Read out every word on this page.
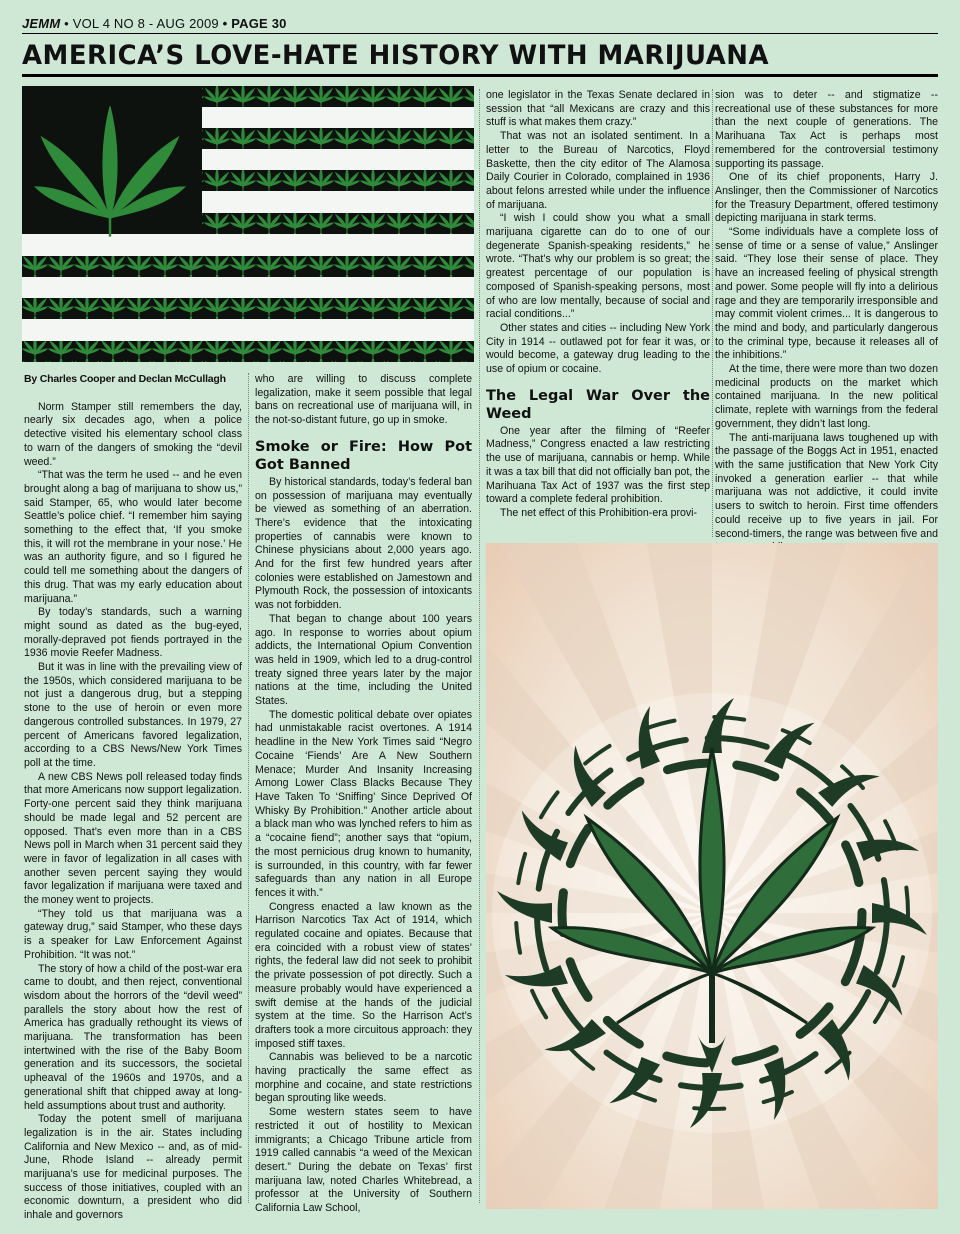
JEMM • VOL 4 NO 8 - AUG 2009 • PAGE 30
AMERICA’S LOVE-HATE HISTORY WITH MARIJUANA
By Charles Cooper and Declan McCullagh

Norm Stamper still remembers the day, nearly six decades ago, when a police detective visited his elementary school class to warn of the dangers of smoking the “devil weed.”

“That was the term he used -- and he even brought along a bag of marijuana to show us,” said Stamper, 65, who would later become Seattle’s police chief. “I remember him saying something to the effect that, ‘If you smoke this, it will rot the membrane in your nose.’ He was an authority figure, and so I figured he could tell me something about the dangers of this drug. That was my early education about marijuana.”

By today’s standards, such a warning might sound as dated as the bug-eyed, morally-depraved pot fiends portrayed in the 1936 movie Reefer Madness.

But it was in line with the prevailing view of the 1950s, which considered marijuana to be not just a dangerous drug, but a stepping stone to the use of heroin or even more dangerous controlled substances. In 1979, 27 percent of Americans favored legalization, according to a CBS News/New York Times poll at the time.

A new CBS News poll released today finds that more Americans now support legalization. Forty-one percent said they think marijuana should be made legal and 52 percent are opposed. That’s even more than in a CBS News poll in March when 31 percent said they were in favor of legalization in all cases with another seven percent saying they would favor legalization if marijuana were taxed and the money went to projects.

“They told us that marijuana was a gateway drug,” said Stamper, who these days is a speaker for Law Enforcement Against Prohibition. “It was not.”

The story of how a child of the post-war era came to doubt, and then reject, conventional wisdom about the horrors of the “devil weed” parallels the story about how the rest of America has gradually rethought its views of marijuana. The transformation has been intertwined with the rise of the Baby Boom generation and its successors, the societal upheaval of the 1960s and 1970s, and a generational shift that chipped away at long-held assumptions about trust and authority.

Today the potent smell of marijuana legalization is in the air. States including California and New Mexico -- and, as of mid-June, Rhode Island -- already permit marijuana’s use for medicinal purposes. The success of those initiatives, coupled with an economic downturn, a president who did inhale and governors

who are willing to discuss complete legalization, make it seem possible that legal bans on recreational use of marijuana will, in the not-so-distant future, go up in smoke.

Smoke or Fire: How Pot Got Banned

By historical standards, today’s federal ban on possession of marijuana may eventually be viewed as something of an aberration. There’s evidence that the intoxicating properties of cannabis were known to Chinese physicians about 2,000 years ago. And for the first few hundred years after colonies were established on Jamestown and Plymouth Rock, the possession of intoxicants was not forbidden.

That began to change about 100 years ago. In response to worries about opium addicts, the International Opium Convention was held in 1909, which led to a drug-control treaty signed three years later by the major nations at the time, including the United States.

The domestic political debate over opiates had unmistakable racist overtones. A 1914 headline in the New York Times said “Negro Cocaine ‘Fiends’ Are A New Southern Menace; Murder And Insanity Increasing Among Lower Class Blacks Because They Have Taken To ‘Sniffing’ Since Deprived Of Whisky By Prohibition.” Another article about a black man who was lynched refers to him as a “cocaine fiend”; another says that “opium, the most pernicious drug known to humanity, is surrounded, in this country, with far fewer safeguards than any nation in all Europe fences it with.”

Congress enacted a law known as the Harrison Narcotics Tax Act of 1914, which regulated cocaine and opiates. Because that era coincided with a robust view of states’ rights, the federal law did not seek to prohibit the private possession of pot directly. Such a measure probably would have experienced a swift demise at the hands of the judicial system at the time. So the Harrison Act’s drafters took a more circuitous approach: they imposed stiff taxes.

Cannabis was believed to be a narcotic having practically the same effect as morphine and cocaine, and state restrictions began sprouting like weeds.

Some western states seem to have restricted it out of hostility to Mexican immigrants; a Chicago Tribune article from 1919 called cannabis “a weed of the Mexican desert.” During the debate on Texas’ first marijuana law, noted Charles Whitebread, a professor at the University of Southern California Law School,

one legislator in the Texas Senate declared in session that “all Mexicans are crazy and this stuff is what makes them crazy.”

That was not an isolated sentiment. In a letter to the Bureau of Narcotics, Floyd Baskette, then the city editor of The Alamosa Daily Courier in Colorado, complained in 1936 about felons arrested while under the influence of marijuana.

“I wish I could show you what a small marijuana cigarette can do to one of our degenerate Spanish-speaking residents,” he wrote. “That’s why our problem is so great; the greatest percentage of our population is composed of Spanish-speaking persons, most of who are low mentally, because of social and racial conditions...”

Other states and cities -- including New York City in 1914 -- outlawed pot for fear it was, or would become, a gateway drug leading to the use of opium or cocaine.

The Legal War Over the Weed

One year after the filming of “Reefer Madness,” Congress enacted a law restricting the use of marijuana, cannabis or hemp. While it was a tax bill that did not officially ban pot, the Marihuana Tax Act of 1937 was the first step toward a complete federal prohibition.

The net effect of this Prohibition-era provi-

sion was to deter -- and stigmatize --recreational use of these substances for more than the next couple of generations. The Marihuana Tax Act is perhaps most remembered for the controversial testimony supporting its passage.

One of its chief proponents, Harry J. Anslinger, then the Commissioner of Narcotics for the Treasury Department, offered testimony depicting marijuana in stark terms.

“Some individuals have a complete loss of sense of time or a sense of value,” Anslinger said. “They lose their sense of place. They have an increased feeling of physical strength and power. Some people will fly into a delirious rage and they are temporarily irresponsible and may commit violent crimes... It is dangerous to the mind and body, and particularly dangerous to the criminal type, because it releases all of the inhibitions.”

At the time, there were more than two dozen medicinal products on the market which contained marijuana. In the new political climate, replete with warnings from the federal government, they didn’t last long.

The anti-marijuana laws toughened up with the passage of the Boggs Act in 1951, enacted with the same justification that New York City invoked a generation earlier -- that while marijuana was not addictive, it could invite users to switch to heroin. First time offenders could receive up to five years in jail. For second-timers, the range was between five and
